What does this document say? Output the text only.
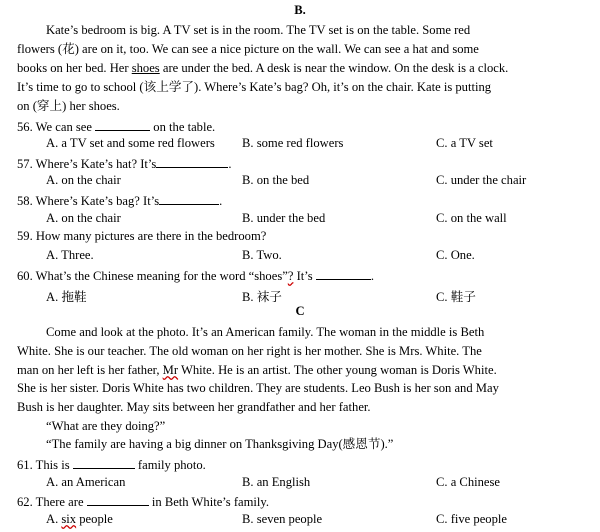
B.
Kate’s bedroom is big. A TV set is in the room. The TV set is on the table. Some red
flowers (花) are on it, too. We can see a nice picture on the wall. We can see a hat and some
books on her bed. Her shoes are under the bed. A desk is near the window. On the desk is a clock.
It’s time to go to school (该上学了). Where’s Kate’s bag? Oh, it’s on the chair. Kate is putting
on (穿上) her shoes.
56. We can see	on the table.
A. a TV set and some red flowers B. some red flowers	C. a TV set
57. Where’s Kate’s hat? It’s	.
A. on the chair	B. on the bed	C. under the chair
58. Where’s Kate’s bag? It’s	.
A. on the chair	B. under the bed	C. on the wall
59. How many pictures are there in the bedroom?
A. Three.	B. Two.	C. One.
60. What’s the Chinese meaning for the word “shoes”? It’s	.
A. 拖鞋	B. 袜子	C. 鞋子
C
Come and look at the photo. It’s an American family. The woman in the middle is Beth
White. She is our teacher. The old woman on her right is her mother. She is Mrs. White. The
man on her left is her father, Mr White. He is an artist. The other young woman is Doris White.
She is her sister. Doris White has two children. They are students. Leo Bush is her son and May
Bush is her daughter. May sits between her grandfather and her father.
“What are they doing?”
“The family are having a big dinner on Thanksgiving Day(感恩节).”
61. This is	family photo.
A. an American	B. an English	C. a Chinese
62. There are	in Beth White’s family.
A. six people	B. seven people	C. five people
